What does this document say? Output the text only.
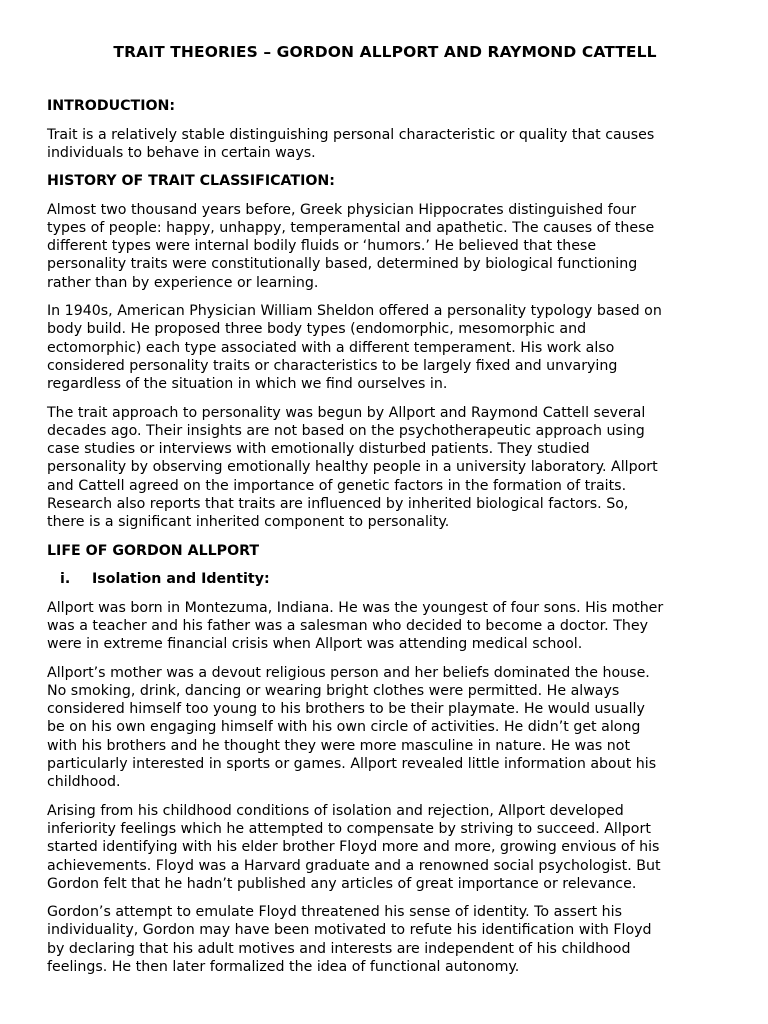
TRAIT THEORIES – GORDON ALLPORT AND RAYMOND CATTELL
INTRODUCTION:
Trait is a relatively stable distinguishing personal characteristic or quality that causes
individuals to behave in certain ways.
HISTORY OF TRAIT CLASSIFICATION:
Almost two thousand years before, Greek physician Hippocrates distinguished four
types of people: happy, unhappy, temperamental and apathetic. The causes of these
different types were internal bodily fluids or ‘humors.’ He believed that these
personality traits were constitutionally based, determined by biological functioning
rather than by experience or learning.
In 1940s, American Physician William Sheldon offered a personality typology based on
body build. He proposed three body types (endomorphic, mesomorphic and
ectomorphic) each type associated with a different temperament. His work also
considered personality traits or characteristics to be largely fixed and unvarying
regardless of the situation in which we find ourselves in.
The trait approach to personality was begun by Allport and Raymond Cattell several
decades ago. Their insights are not based on the psychotherapeutic approach using
case studies or interviews with emotionally disturbed patients. They studied
personality by observing emotionally healthy people in a university laboratory. Allport
and Cattell agreed on the importance of genetic factors in the formation of traits.
Research also reports that traits are influenced by inherited biological factors. So,
there is a significant inherited component to personality.
LIFE OF GORDON ALLPORT
i.	Isolation and Identity:
Allport was born in Montezuma, Indiana. He was the youngest of four sons. His mother
was a teacher and his father was a salesman who decided to become a doctor. They
were in extreme financial crisis when Allport was attending medical school.
Allport’s mother was a devout religious person and her beliefs dominated the house.
No smoking, drink, dancing or wearing bright clothes were permitted. He always
considered himself too young to his brothers to be their playmate. He would usually
be on his own engaging himself with his own circle of activities. He didn’t get along
with his brothers and he thought they were more masculine in nature. He was not
particularly interested in sports or games. Allport revealed little information about his
childhood.
Arising from his childhood conditions of isolation and rejection, Allport developed
inferiority feelings which he attempted to compensate by striving to succeed. Allport
started identifying with his elder brother Floyd more and more, growing envious of his
achievements. Floyd was a Harvard graduate and a renowned social psychologist. But
Gordon felt that he hadn’t published any articles of great importance or relevance.
Gordon’s attempt to emulate Floyd threatened his sense of identity. To assert his
individuality, Gordon may have been motivated to refute his identification with Floyd
by declaring that his adult motives and interests are independent of his childhood
feelings. He then later formalized the idea of functional autonomy.
